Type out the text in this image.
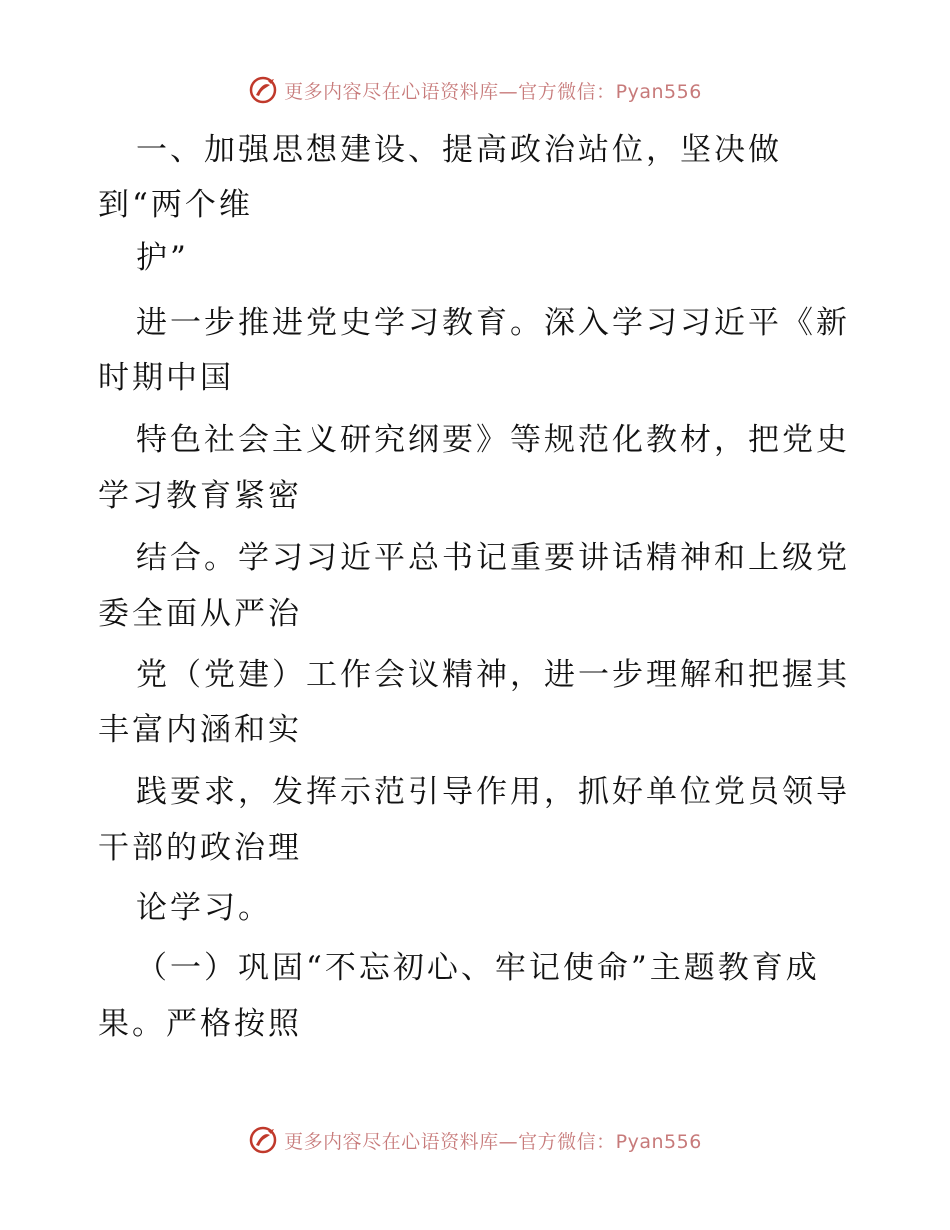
更多内容尽在心语资料库—官方微信：Pyan556
一、加强思想建设、提高政治站位，坚决做
到“两个维
护”
进一步推进党史学习教育。深入学习习近平《新
时期中国
特色社会主义研究纲要》等规范化教材，把党史
学习教育紧密
结合。学习习近平总书记重要讲话精神和上级党
委全面从严治
党（党建）工作会议精神，进一步理解和把握其
丰富内涵和实
践要求，发挥示范引导作用，抓好单位党员领导
干部的政治理
论学习。
（一）巩固“不忘初心、牢记使命”主题教育成
果。严格按照
更多内容尽在心语资料库—官方微信：Pyan556
